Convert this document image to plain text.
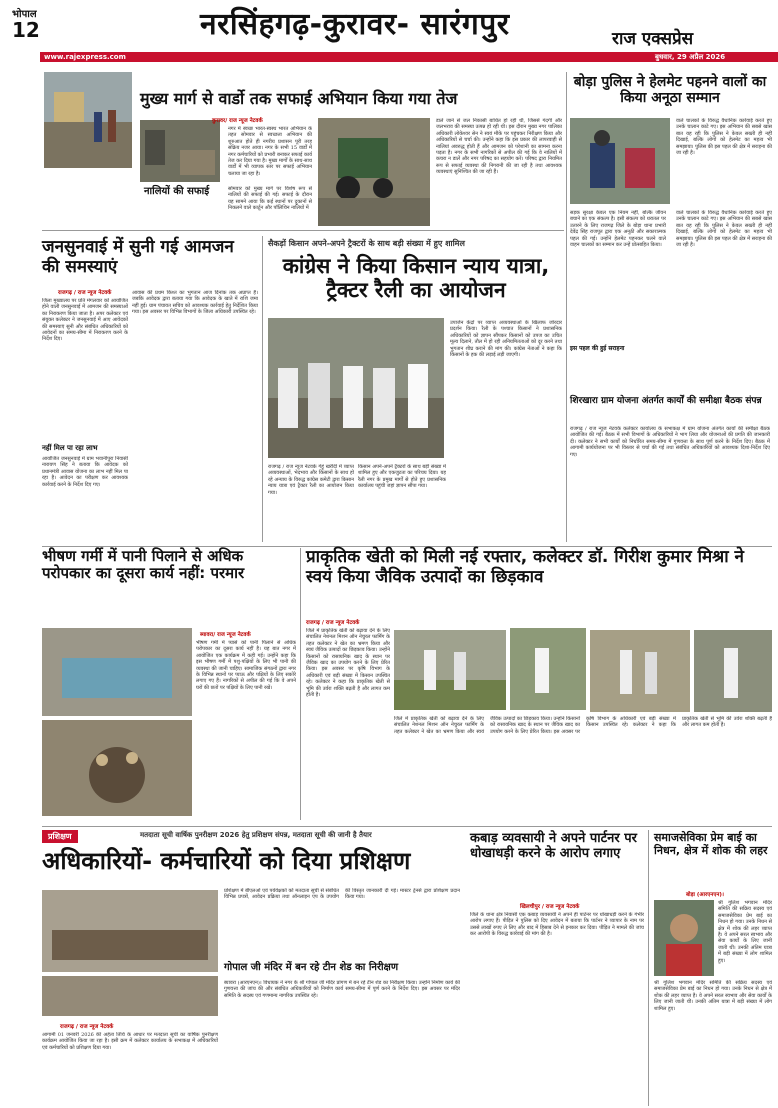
भोपाल
12	नरसिंहगढ़-कुरावर- सारंगपुर	राज एक्सप्रेस
www.rajexpress.com	बुधवार, 29 अप्रैल 2026
मुख्य मार्ग से वार्डो तक सफाई अभियान किया गया तेज
कुरावर/ राज न्यूज नेटवर्क
नालियों की सफाई
नगर में स्वच्छ भारत-स्वस्थ भारत अभियान के तहत सोमवार से स्वच्छता अभियान की शुरुआत होते ही नगरीय प्रशासन पूरी तरह सक्रिय नजर आया। नगर के सभी 15 वार्डों में नगर कर्मचारियों को प्रभारी बनाकर सफाई कार्य तेज कर दिया गया है। मुख्य मार्गों के साथ-साथ वार्डों में भी व्यापक स्तर पर सफाई अभियान चलाया जा रहा है।
सोमवार को मुख्य मार्ग पर विशेष रूप से नालियों की सफाई की गई। सफाई के दौरान यह सामने आया कि कई स्थानों पर दुकानों से निकलने वाले कार्टून और पॉलिथिन नालियों में
डाले जाने से जल निकासी बाधित हो रही थी, जिससे गंदगी और जलभराव की समस्या उत्पन्न हो रही थी। इस दौरान मुख्य नगर पालिका अधिकारी लोकेश्वर सेन ने स्वयं मौके पर पहुंचकर निरीक्षण किया और अधिकारियों से चर्चा की। उन्होंने कहा कि इस प्रकार की लापरवाही से नालियां अवरुद्ध होती हैं और आमजन को परेशानी का सामना करना पड़ता है। नगर के सभी नागरिकों से अपील की गई कि वे नालियों में कचरा न डालें और नगर परिषद का सहयोग करें। परिषद द्वारा नियमित रूप से सफाई व्यवस्था की निगरानी की जा रही है तथा आवश्यक व्यवस्थाएं सुनिश्चित की जा रही हैं।
बोड़ा पुलिस ने हेलमेट पहनने वालों का किया अनूठा सम्मान
वाले चालकों के विरुद्ध वैधानिक कार्रवाई करते हुए उनके चालान काटे गए। इस अभियान की सबसे खास बात यह रही कि पुलिस ने केवल सख्ती ही नहीं दिखाई, बल्कि लोगों को हेलमेट का महत्व भी समझाया। पुलिस की इस पहल की क्षेत्र में सराहना की जा रही है।
सड़क सुरक्षा केवल एक नियम नहीं, बल्कि जीवन बचाने का एक संकल्प है। इसी संकल्प को धरातल पर उतारने के लिए राजगढ़ जिले के बोड़ा थाना प्रभारी देवेंद्र सिंह राजपूत द्वारा एक अनूठी और सकारात्मक पहल की गई। उन्होंने हेलमेट पहनकर चलने वाले वाहन चालकों का सम्मान कर उन्हें प्रोत्साहित किया।
इस पहल की हुई सराहना
वाले चालकों के विरुद्ध वैधानिक कार्रवाई करते हुए उनके चालान काटे गए। इस अभियान की सबसे खास बात यह रही कि पुलिस ने केवल सख्ती ही नहीं दिखाई, बल्कि लोगों को हेलमेट का महत्व भी समझाया। पुलिस की इस पहल की क्षेत्र में सराहना की जा रही है।
जनसुनवाई में सुनी गई आमजन की समस्याएं
राजगढ़ / राज न्यूज नेटवर्क
जिला मुख्यालय पर प्रति मंगलवार को आयोजित होने वाली जनसुनवाई में आमजन की समस्याओं का निराकरण किया जाता है। अपर कलेक्टर एवं संयुक्त कलेक्टर ने जनसुनवाई में आए आवेदकों की समस्याएं सुनी और संबंधित अधिकारियों को आवेदनों का समय-सीमा में निराकरण करने के निर्देश दिए।
नहीं मिल पा रहा लाभ
आयोजित जनसुनवाई में ग्राम भवानीपुरा निवासी नारायण सिंह ने बताया कि आवेदक को प्रधानमंत्री आवास योजना का लाभ नहीं मिल पा रहा है। आवेदन का परीक्षण कर आवश्यक कार्रवाई करने के निर्देश दिए गए।
आवास की प्रथम किश्त का भुगतान आज दिनांक तक अप्राप्त है। जबकि आवेदक द्वारा बताया गया कि आवेदक के खाते में राशि जमा नहीं हुई। ग्राम पंचायत सचिव को आवश्यक कार्रवाई हेतु निर्देशित किया गया। इस अवसर पर विभिन्न विभागों के जिला अधिकारी उपस्थित रहे।
सैकड़ों किसान अपने-अपने ट्रैक्टरों के साथ बड़ी संख्या में हुए शामिल
कांग्रेस ने किया किसान न्याय यात्रा, ट्रैक्टर रैली का आयोजन
उपार्जन केंद्रों पर व्याप्त अव्यवस्थाओं के खिलाफ जोरदार प्रदर्शन किया। रैली के पश्चात किसानों ने प्रशासनिक अधिकारियों को ज्ञापन सौंपकर किसानों को उपज का उचित मूल्य दिलाने, तौल में हो रही अनियमितताओं को दूर करने तथा भुगतान शीघ्र कराने की मांग की। कांग्रेस नेताओं ने कहा कि किसानों के हक की लड़ाई लड़ी जाएगी।
राजगढ़ / राज न्यूज नेटवर्क गेहूं खरीदी में व्याप्त अव्यवस्थाओं, भेदभाव और किसानों के साथ हो रहे अन्याय के विरुद्ध कांग्रेस कमेटी द्वारा किसान न्याय यात्रा एवं ट्रैक्टर रैली का आयोजन किया गया।
किसान अपने-अपने ट्रैक्टरों के साथ बड़ी संख्या में शामिल हुए और एकजुटता का परिचय दिया। यह रैली नगर के प्रमुख मार्गों से होते हुए प्रशासनिक कार्यालय पहुंची जहां ज्ञापन सौंपा गया।
शिरखारा ग्राम योजना अंतर्गत कार्यों की समीक्षा बैठक संपन्न
राजगढ़ / राज न्यूज नेटवर्क कलेक्टर कार्यालय के सभाकक्ष में ग्राम योजना अंतर्गत कार्यों की समीक्षा बैठक आयोजित की गई। बैठक में सभी विभागों के अधिकारियों ने भाग लिया और योजनाओं की प्रगति की जानकारी दी। कलेक्टर ने सभी कार्यों को निर्धारित समय-सीमा में गुणवत्ता के साथ पूर्ण करने के निर्देश दिए। बैठक में आगामी कार्ययोजना पर भी विस्तार से चर्चा की गई तथा संबंधित अधिकारियों को आवश्यक दिशा-निर्देश दिए गए।
भीषण गर्मी में पानी पिलाने से अधिक परोपकार का दूसरा कार्य नहीं: परमार
ब्यावरा/ राज न्यूज नेटवर्क
भीषण गर्मी में प्यासे को पानी पिलाने से अधिक परोपकार का दूसरा कार्य नहीं है। यह बात नगर में आयोजित एक कार्यक्रम में कही गई। उन्होंने कहा कि इस भीषण गर्मी में पशु-पक्षियों के लिए भी पानी की व्यवस्था की जानी चाहिए। सामाजिक संगठनों द्वारा नगर के विभिन्न स्थानों पर प्याऊ और पक्षियों के लिए सकोरे लगाए गए हैं। नागरिकों से अपील की गई कि वे अपने घरों की छतों पर पक्षियों के लिए पानी रखें।
प्राकृतिक खेती को मिली नई रफ्तार, कलेक्टर डॉ. गिरीश कुमार मिश्रा ने स्वयं किया जैविक उत्पादों का छिड़काव
राजगढ़ / राज न्यूज नेटवर्क
जिले में प्राकृतिक खेती को बढ़ावा देने के लिए संचालित नेशनल मिशन ऑन नेचुरल फार्मिंग के तहत कलेक्टर ने खेत का भ्रमण किया और स्वयं जैविक उत्पादों का छिड़काव किया। उन्होंने किसानों को रासायनिक खाद के स्थान पर जैविक खाद का उपयोग करने के लिए प्रेरित किया। इस अवसर पर कृषि विभाग के अधिकारी एवं बड़ी संख्या में किसान उपस्थित रहे। कलेक्टर ने कहा कि प्राकृतिक खेती से भूमि की उर्वरा शक्ति बढ़ती है और लागत कम होती है।
जिले में प्राकृतिक खेती को बढ़ावा देने के लिए संचालित नेशनल मिशन ऑन नेचुरल फार्मिंग के तहत कलेक्टर ने खेत का भ्रमण किया और स्वयं जैविक उत्पादों का छिड़काव किया। उन्होंने किसानों को रासायनिक खाद के स्थान पर जैविक खाद का उपयोग करने के लिए प्रेरित किया। इस अवसर पर कृषि विभाग के अधिकारी एवं बड़ी संख्या में किसान उपस्थित रहे। कलेक्टर ने कहा कि प्राकृतिक खेती से भूमि की उर्वरा शक्ति बढ़ती है और लागत कम होती है।
प्रशिक्षण	मतदाता सूची वार्षिक पुनरीक्षण 2026 हेतु प्रशिक्षण संपन्न, मतदाता सूची की जानी है तैयार
अधिकारियों- कर्मचारियों को दिया प्रशिक्षण
राजगढ़ / राज न्यूज नेटवर्क
आगामी 01 जनवरी 2026 की अर्हता तिथि के आधार पर मतदाता सूची का वार्षिक पुनरीक्षण कार्यक्रम आयोजित किया जा रहा है। इसी क्रम में कलेक्टर कार्यालय के सभाकक्ष में अधिकारियों एवं कर्मचारियों को प्रशिक्षण दिया गया।
प्रशिक्षण में बीएलओ एवं पर्यवेक्षकों को मतदाता सूची से संबंधित विभिन्न प्रपत्रों, आवेदन प्रक्रिया तथा ऑनलाइन एप के उपयोग की विस्तृत जानकारी दी गई। मास्टर ट्रेनर्स द्वारा प्रशिक्षण प्रदान किया गया।
गोपाल जी मंदिर में बन रहे टीन शेड का निरीक्षण
ब्यावरा (आरएनएन)। विधायक ने नगर के श्री गोपाल जी मंदिर प्रांगण में बन रहे टीन शेड का निरीक्षण किया। उन्होंने निर्माण कार्य की गुणवत्ता की जांच की और संबंधित अधिकारियों को निर्माण कार्य समय-सीमा में पूर्ण करने के निर्देश दिए। इस अवसर पर मंदिर समिति के सदस्य एवं गणमान्य नागरिक उपस्थित रहे।
कबाड़ व्यवसायी ने अपने पार्टनर पर धोखाधड़ी करने के आरोप लगाए
खिलचीपुर / राज न्यूज नेटवर्क
जिले के थाना क्षेत्र निवासी एक कबाड़ व्यवसायी ने अपने ही पार्टनर पर धोखाधड़ी करने के गंभीर आरोप लगाए हैं। पीड़ित ने पुलिस को दिए आवेदन में बताया कि पार्टनर ने व्यापार के नाम पर उससे लाखों रुपए ले लिए और बाद में हिसाब देने से इनकार कर दिया। पीड़ित ने मामले की जांच कर आरोपी के विरुद्ध कार्रवाई की मांग की है।
समाजसेविका प्रेम बाई का निधन, क्षेत्र में शोक की लहर
बोड़ा (आरएनएन)।
श्री गुलिश भगवान मंदिर समिति की सक्रिय सदस्य एवं समाजसेविका प्रेम बाई का निधन हो गया। उनके निधन से क्षेत्र में शोक की लहर व्याप्त है। वे अपने सरल स्वभाव और सेवा कार्यों के लिए जानी जाती थीं। उनकी अंतिम यात्रा में बड़ी संख्या में लोग शामिल हुए।
श्री गुलिश भगवान मंदिर समिति की सक्रिय सदस्य एवं समाजसेविका प्रेम बाई का निधन हो गया। उनके निधन से क्षेत्र में शोक की लहर व्याप्त है। वे अपने सरल स्वभाव और सेवा कार्यों के लिए जानी जाती थीं। उनकी अंतिम यात्रा में बड़ी संख्या में लोग शामिल हुए।
